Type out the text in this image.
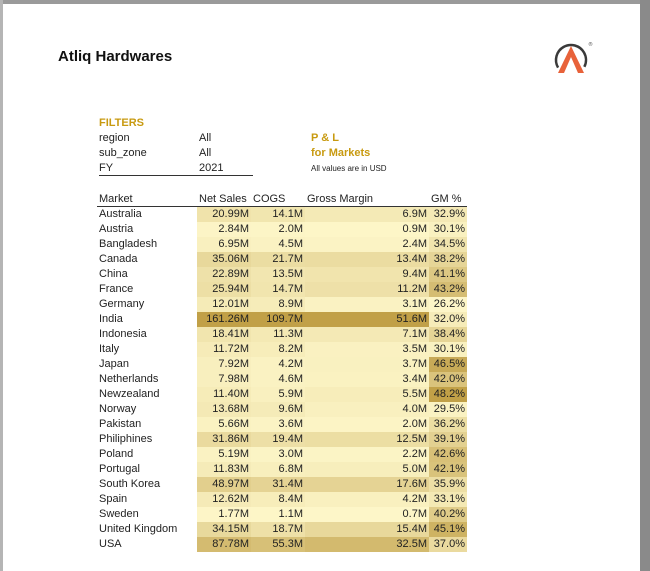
Atliq Hardwares
®
FILTERS
region	All
sub_zone	All
FY	2021
P & L
for Markets
All values are in USD
Market	Net Sales	COGS	Gross Margin	GM %
Australia	20.99M	14.1M	6.9M	32.9%
Austria	2.84M	2.0M	0.9M	30.1%
Bangladesh	6.95M	4.5M	2.4M	34.5%
Canada	35.06M	21.7M	13.4M	38.2%
China	22.89M	13.5M	9.4M	41.1%
France	25.94M	14.7M	11.2M	43.2%
Germany	12.01M	8.9M	3.1M	26.2%
India	161.26M	109.7M	51.6M	32.0%
Indonesia	18.41M	11.3M	7.1M	38.4%
Italy	11.72M	8.2M	3.5M	30.1%
Japan	7.92M	4.2M	3.7M	46.5%
Netherlands	7.98M	4.6M	3.4M	42.0%
Newzealand	11.40M	5.9M	5.5M	48.2%
Norway	13.68M	9.6M	4.0M	29.5%
Pakistan	5.66M	3.6M	2.0M	36.2%
Philiphines	31.86M	19.4M	12.5M	39.1%
Poland	5.19M	3.0M	2.2M	42.6%
Portugal	11.83M	6.8M	5.0M	42.1%
South Korea	48.97M	31.4M	17.6M	35.9%
Spain	12.62M	8.4M	4.2M	33.1%
Sweden	1.77M	1.1M	0.7M	40.2%
United Kingdom	34.15M	18.7M	15.4M	45.1%
USA	87.78M	55.3M	32.5M	37.0%
